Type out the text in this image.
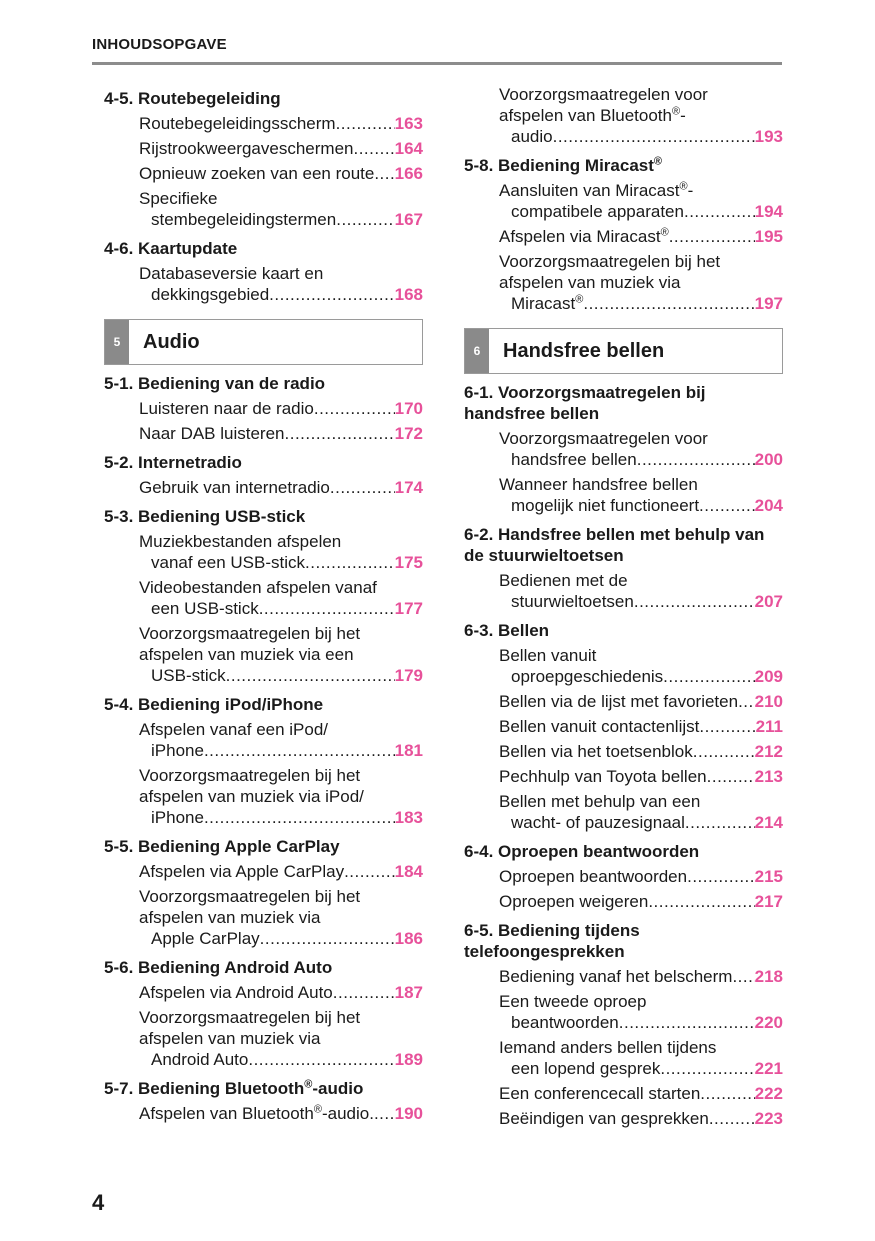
INHOUDSOPGAVE
4-5. Routebegeleiding
Routebegeleidingsscherm .....	163
Rijstrookweergaveschermen ..... 164
Opnieuw zoeken van een route ..... 166
Specifieke
stembegeleidingstermen .....	167
4-6. Kaartupdate
Databaseversie kaart en
dekkingsgebied .....	168
5	Audio
5-1. Bediening van de radio
Luisteren naar de radio .....	170
Naar DAB luisteren .....	172
5-2. Internetradio
Gebruik van internetradio .....	174
5-3. Bediening USB-stick
Muziekbestanden afspelen
vanaf een USB-stick .....	175
Videobestanden afspelen vanaf
een USB-stick .....	177
Voorzorgsmaatregelen bij het
afspelen van muziek via een
USB-stick .....	179
5-4. Bediening iPod/iPhone
Afspelen vanaf een iPod/
iPhone .....	181
Voorzorgsmaatregelen bij het
afspelen van muziek via iPod/
iPhone .....	183
5-5. Bediening Apple CarPlay
Afspelen via Apple CarPlay .....	184
Voorzorgsmaatregelen bij het
afspelen van muziek via
Apple CarPlay .....	186
5-6. Bediening Android Auto
Afspelen via Android Auto .....	187
Voorzorgsmaatregelen bij het
afspelen van muziek via
Android Auto .....	189
5-7. Bediening Bluetooth®-audio
Afspelen van Bluetooth®-audio. ..... 190
Voorzorgsmaatregelen voor
afspelen van Bluetooth®-
audio .....	193
5-8. Bediening Miracast®
Aansluiten van Miracast®-
compatibele apparaten .....	194
Afspelen via Miracast® .....	195
Voorzorgsmaatregelen bij het
afspelen van muziek via
Miracast® .....	197
6	Handsfree bellen
6-1. Voorzorgsmaatregelen bij
handsfree bellen
Voorzorgsmaatregelen voor
handsfree bellen .....	200
Wanneer handsfree bellen
mogelijk niet functioneert .....	204
6-2. Handsfree bellen met behulp van
de stuurwieltoetsen
Bedienen met de
stuurwieltoetsen .....	207
6-3. Bellen
Bellen vanuit
oproepgeschiedenis .....	209
Bellen via de lijst met favorieten ..... 210
Bellen vanuit contactenlijst .....	211
Bellen via het toetsenblok .....	212
Pechhulp van Toyota bellen .....	213
Bellen met behulp van een
wacht- of pauzesignaal .....	214
6-4. Oproepen beantwoorden
Oproepen beantwoorden .....	215
Oproepen weigeren .....	217
6-5. Bediening tijdens
telefoongesprekken
Bediening vanaf het belscherm ..... 218
Een tweede oproep
beantwoorden .....	220
Iemand anders bellen tijdens
een lopend gesprek .....	221
Een conferencecall starten .....	222
Beëindigen van gesprekken .....	223
4
